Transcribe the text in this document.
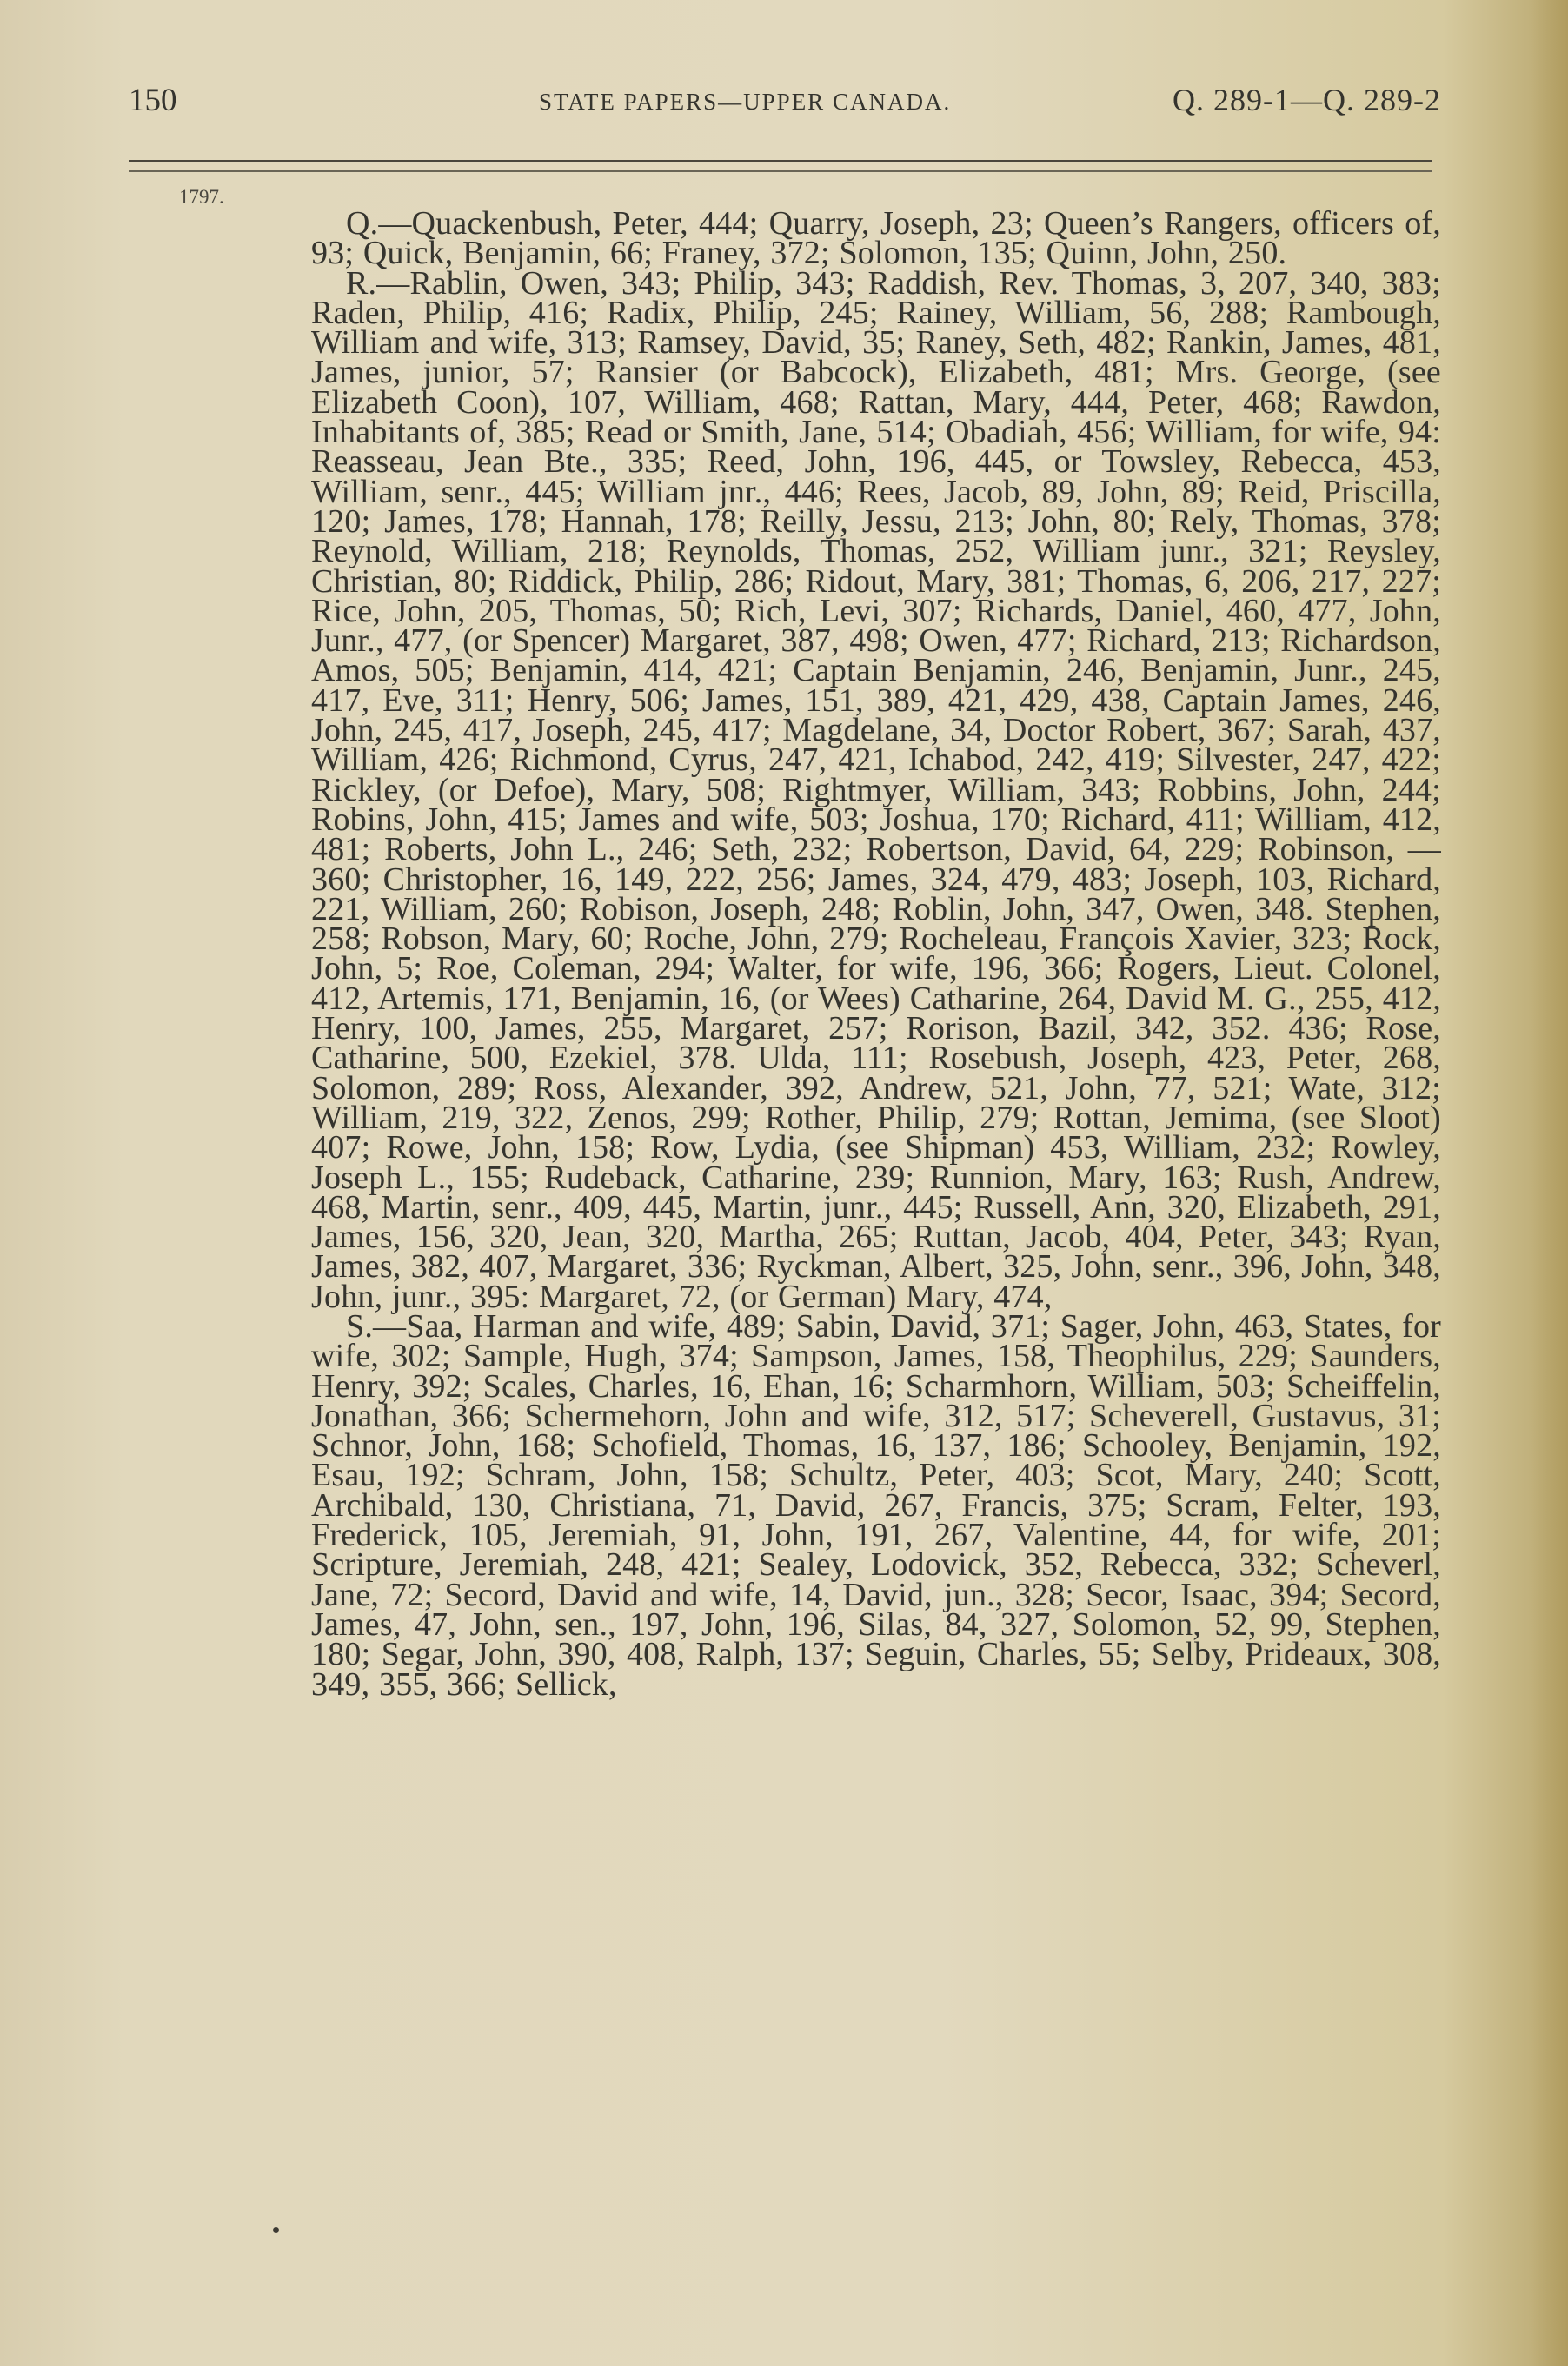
150	STATE PAPERS—UPPER CANADA.	Q. 289-1—Q. 289-2
1797.

Q.—Quackenbush, Peter, 444; Quarry, Joseph, 23; Queen’s Rangers, officers of, 93; Quick, Benjamin, 66; Franey, 372; Solomon, 135; Quinn, John, 250.

R.—Rablin, Owen, 343; Philip, 343; Raddish, Rev. Thomas, 3, 207, 340, 383; Raden, Philip, 416; Radix, Philip, 245; Rainey, William, 56, 288; Rambough, William and wife, 313; Ramsey, David, 35; Raney, Seth, 482; Rankin, James, 481, James, junior, 57; Ransier (or Babcock), Elizabeth, 481; Mrs. George, (see Elizabeth Coon), 107, William, 468; Rattan, Mary, 444, Peter, 468; Rawdon, Inhabitants of, 385; Read or Smith, Jane, 514; Obadiah, 456; William, for wife, 94: Reasseau, Jean Bte., 335; Reed, John, 196, 445, or Towsley, Rebecca, 453, William, senr., 445; William jnr., 446; Rees, Jacob, 89, John, 89; Reid, Priscilla, 120; James, 178; Hannah, 178; Reilly, Jessu, 213; John, 80; Rely, Thomas, 378; Reynold, William, 218; Reynolds, Thomas, 252, William junr., 321; Reysley, Christian, 80; Riddick, Philip, 286; Ridout, Mary, 381; Thomas, 6, 206, 217, 227; Rice, John, 205, Thomas, 50; Rich, Levi, 307; Richards, Daniel, 460, 477, John, Junr., 477, (or Spencer) Margaret, 387, 498; Owen, 477; Richard, 213; Richardson, Amos, 505; Benjamin, 414, 421; Captain Benjamin, 246, Benjamin, Junr., 245, 417, Eve, 311; Henry, 506; James, 151, 389, 421, 429, 438, Captain James, 246, John, 245, 417, Joseph, 245, 417; Magdelane, 34, Doctor Robert, 367; Sarah, 437, William, 426; Richmond, Cyrus, 247, 421, Ichabod, 242, 419; Silvester, 247, 422; Rickley, (or Defoe), Mary, 508; Rightmyer, William, 343; Robbins, John, 244; Robins, John, 415; James and wife, 503; Joshua, 170; Richard, 411; William, 412, 481; Roberts, John L., 246; Seth, 232; Robertson, David, 64, 229; Robinson, — 360; Christopher, 16, 149, 222, 256; James, 324, 479, 483; Joseph, 103, Richard, 221, William, 260; Robison, Joseph, 248; Roblin, John, 347, Owen, 348. Stephen, 258; Robson, Mary, 60; Roche, John, 279; Rocheleau, François Xavier, 323; Rock, John, 5; Roe, Coleman, 294; Walter, for wife, 196, 366; Rogers, Lieut. Colonel, 412, Artemis, 171, Benjamin, 16, (or Wees) Catharine, 264, David M. G., 255, 412, Henry, 100, James, 255, Margaret, 257; Rorison, Bazil, 342, 352. 436; Rose, Catharine, 500, Ezekiel, 378. Ulda, 111; Rosebush, Joseph, 423, Peter, 268, Solomon, 289; Ross, Alexander, 392, Andrew, 521, John, 77, 521; Wate, 312; William, 219, 322, Zenos, 299; Rother, Philip, 279; Rottan, Jemima, (see Sloot) 407; Rowe, John, 158; Row, Lydia, (see Shipman) 453, William, 232; Rowley, Joseph L., 155; Rudeback, Catharine, 239; Runnion, Mary, 163; Rush, Andrew, 468, Martin, senr., 409, 445, Martin, junr., 445; Russell, Ann, 320, Elizabeth, 291, James, 156, 320, Jean, 320, Martha, 265; Ruttan, Jacob, 404, Peter, 343; Ryan, James, 382, 407, Margaret, 336; Ryckman, Albert, 325, John, senr., 396, John, 348, John, junr., 395: Margaret, 72, (or German) Mary, 474,

S.—Saa, Harman and wife, 489; Sabin, David, 371; Sager, John, 463, States, for wife, 302; Sample, Hugh, 374; Sampson, James, 158, Theophilus, 229; Saunders, Henry, 392; Scales, Charles, 16, Ehan, 16; Scharmhorn, William, 503; Scheiffelin, Jonathan, 366; Schermehorn, John and wife, 312, 517; Scheverell, Gustavus, 31; Schnor, John, 168; Schofield, Thomas, 16, 137, 186; Schooley, Benjamin, 192, Esau, 192; Schram, John, 158; Schultz, Peter, 403; Scot, Mary, 240; Scott, Archibald, 130, Christiana, 71, David, 267, Francis, 375; Scram, Felter, 193, Frederick, 105, Jeremiah, 91, John, 191, 267, Valentine, 44, for wife, 201; Scripture, Jeremiah, 248, 421; Sealey, Lodovick, 352, Rebecca, 332; Scheverl, Jane, 72; Secord, David and wife, 14, David, jun., 328; Secor, Isaac, 394; Secord, James, 47, John, sen., 197, John, 196, Silas, 84, 327, Solomon, 52, 99, Stephen, 180; Segar, John, 390, 408, Ralph, 137; Seguin, Charles, 55; Selby, Prideaux, 308, 349, 355, 366; Sellick,
